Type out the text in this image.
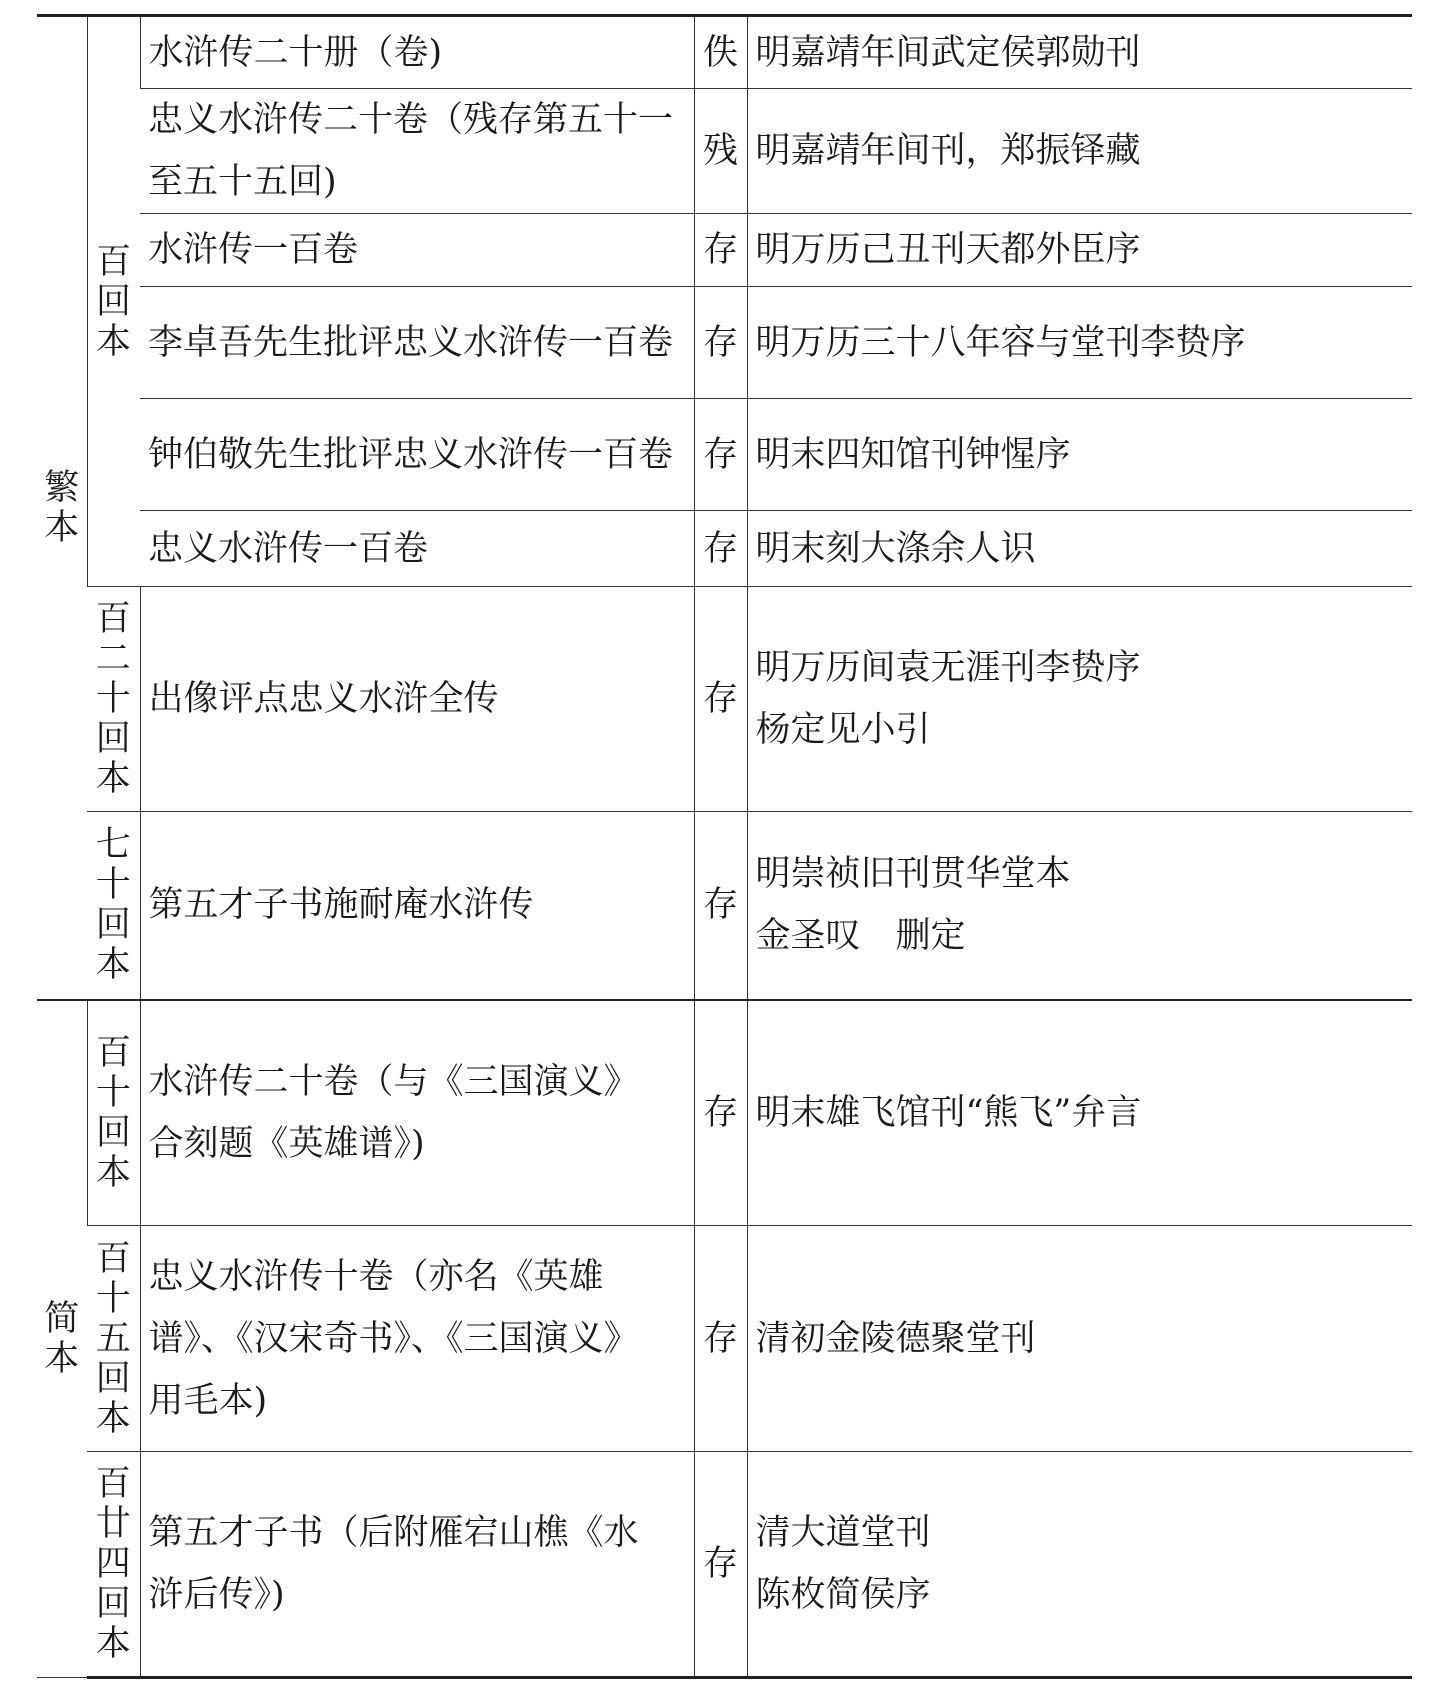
繁本	百回本	水浒传二十册（卷)	佚	明嘉靖年间武定侯郭勋刊

		忠义水浒传二十卷（残存第五十一
至五十五回)	残	明嘉靖年间刊，郑振铎藏

		水浒传一百卷	存	明万历己丑刊天都外臣序

		李卓吾先生批评忠义水浒传一百卷	存	明万历三十八年容与堂刊李贽序

		钟伯敬先生批评忠义水浒传一百卷	存	明末四知馆刊钟惺序

		忠义水浒传一百卷	存	明末刻大涤余人识

	百二十回本	出像评点忠义水浒全传	存	明万历间袁无涯刊李贽序
杨定见小引

	七十回本	第五才子书施耐庵水浒传	存	明崇祯旧刊贯华堂本
金圣叹　删定

简本	百十回本	水浒传二十卷（与《三国演义》
合刻题《英雄谱》)	存	明末雄飞馆刊“熊飞”弁言

	百十五回本	忠义水浒传十卷（亦名《英雄
谱》、《汉宋奇书》、《三国演义》
用毛本)	存	清初金陵德聚堂刊

	百廿四回本	第五才子书（后附雁宕山樵《水
浒后传》)	存	清大道堂刊
陈枚简侯序
